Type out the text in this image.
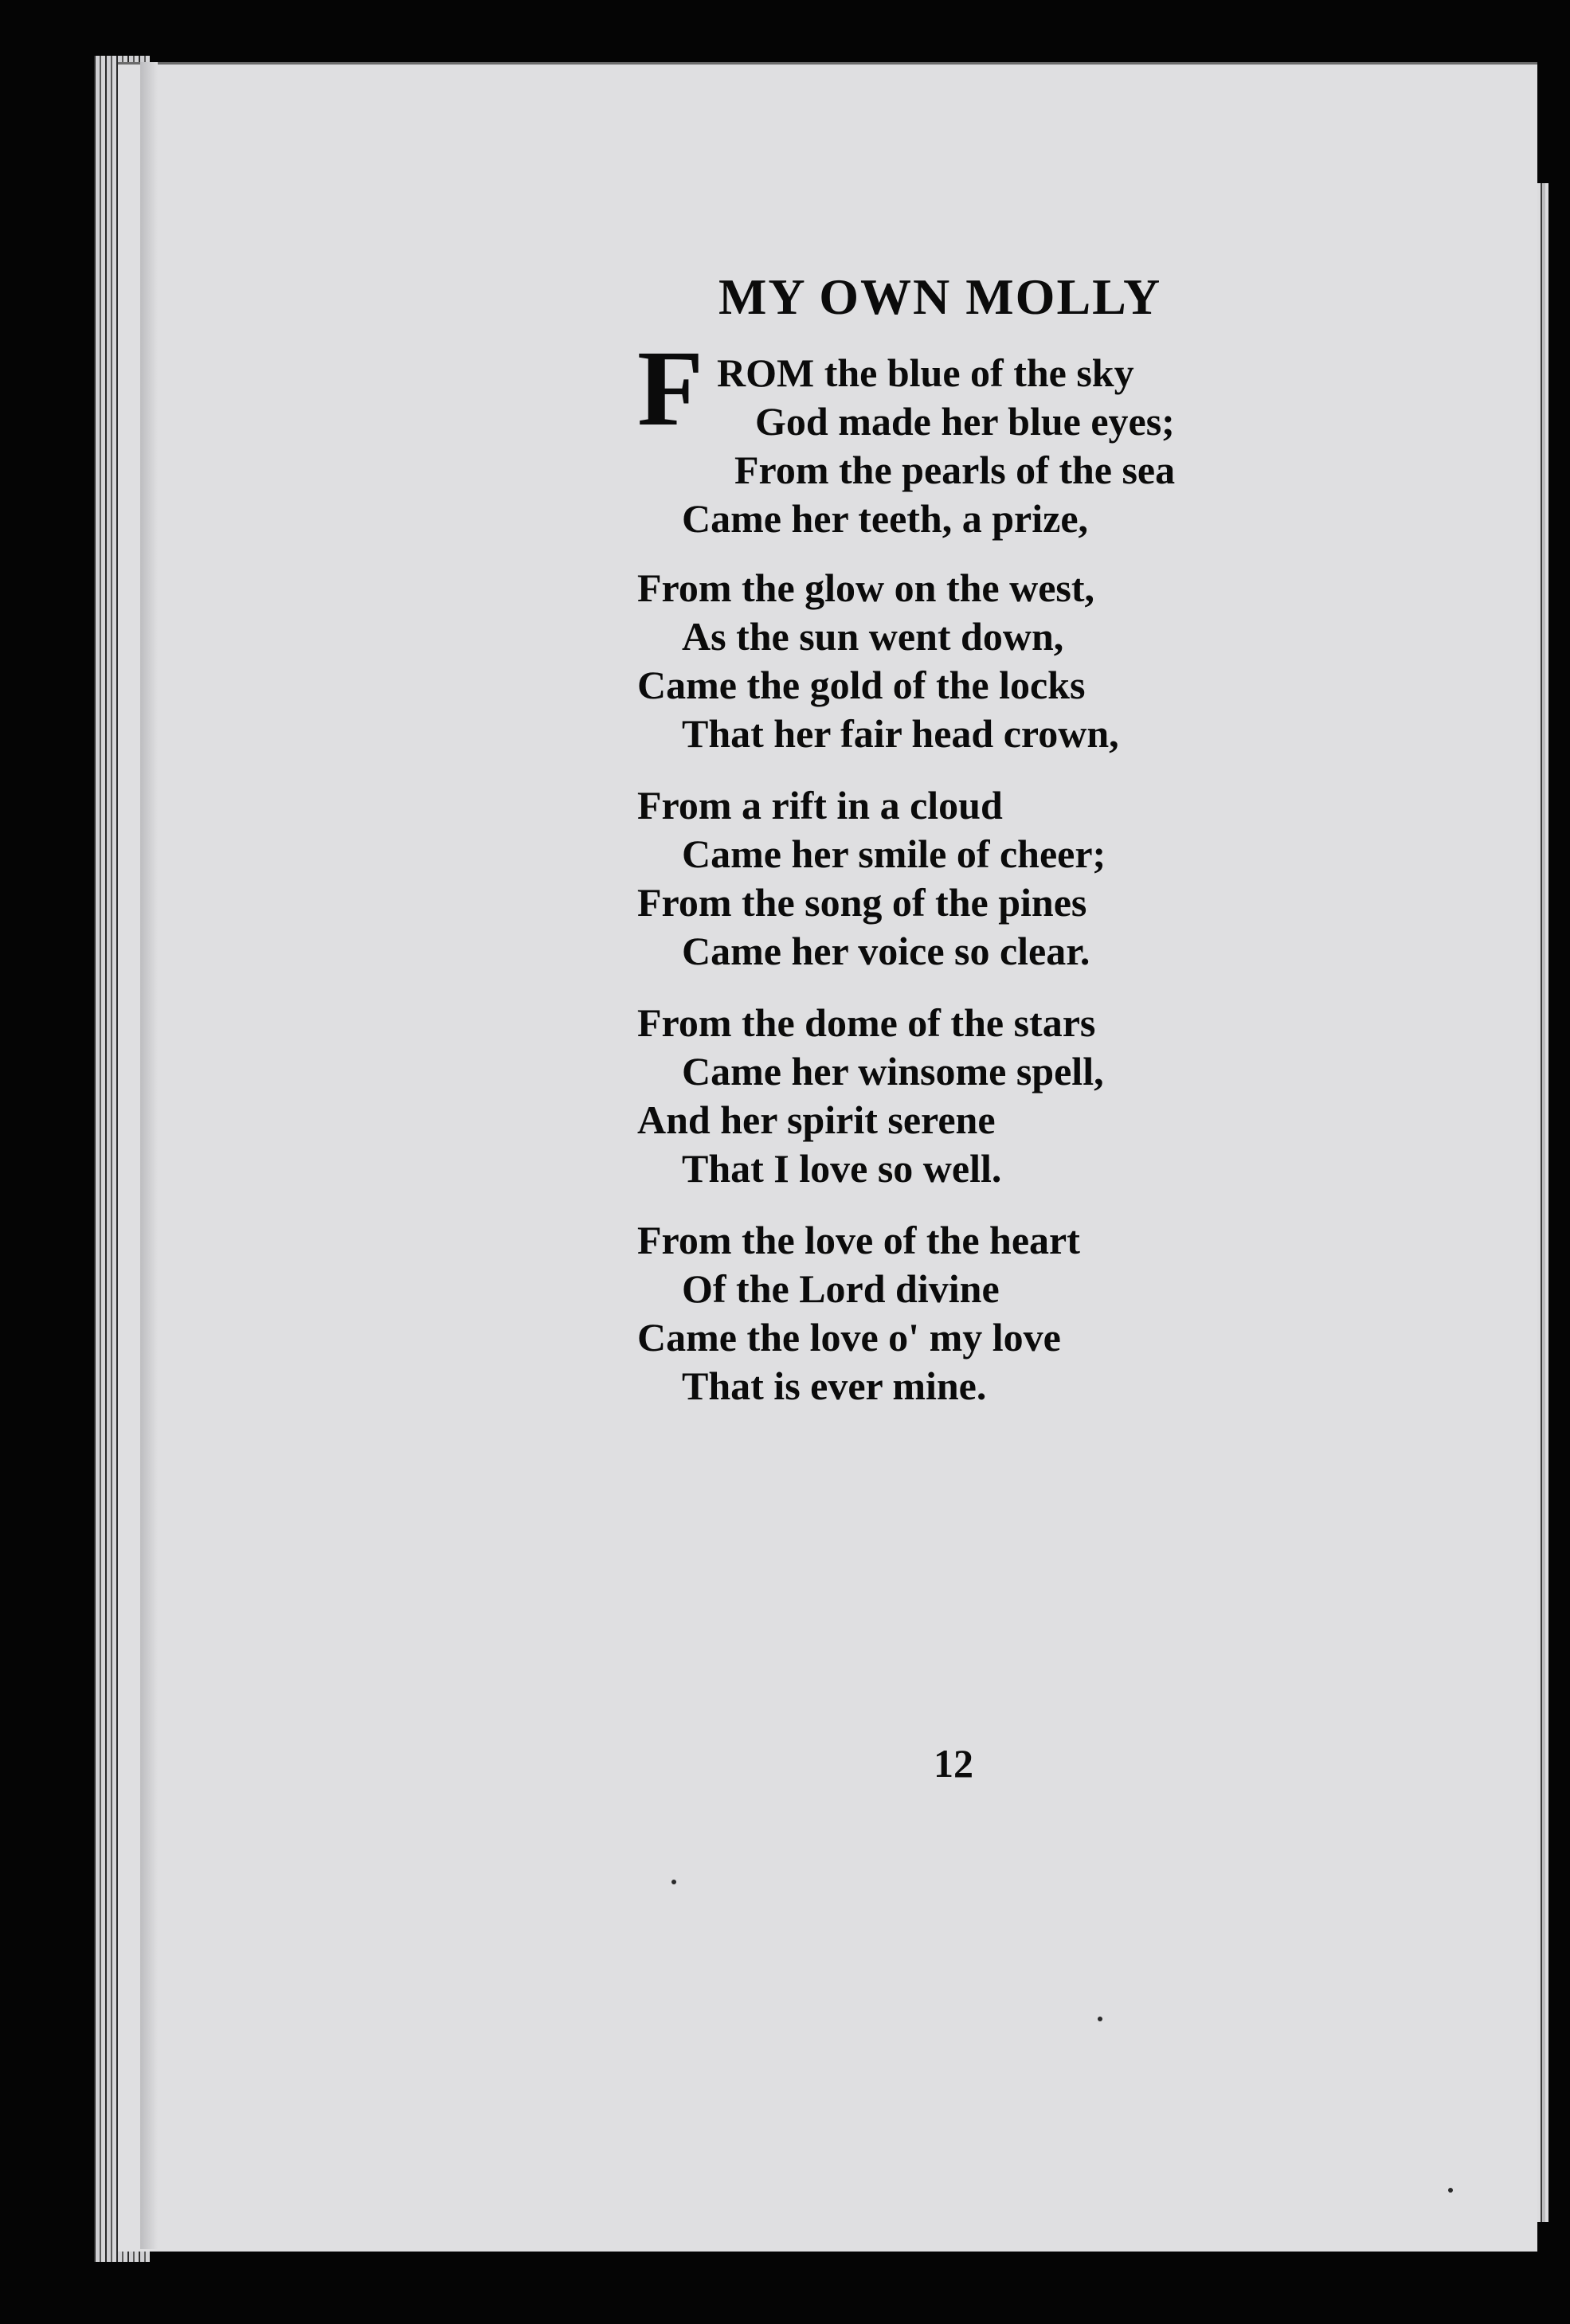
MY OWN MOLLY
F ROM the blue of the sky
God made her blue eyes;
From the pearls of the sea
Came her teeth, a prize,
From the glow on the west,
As the sun went down,
Came the gold of the locks
That her fair head crown,
From a rift in a cloud
Came her smile of cheer;
From the song of the pines
Came her voice so clear.
From the dome of the stars
Came her winsome spell,
And her spirit serene
That I love so well.
From the love of the heart
Of the Lord divine
Came the love o' my love
That is ever mine.
12
